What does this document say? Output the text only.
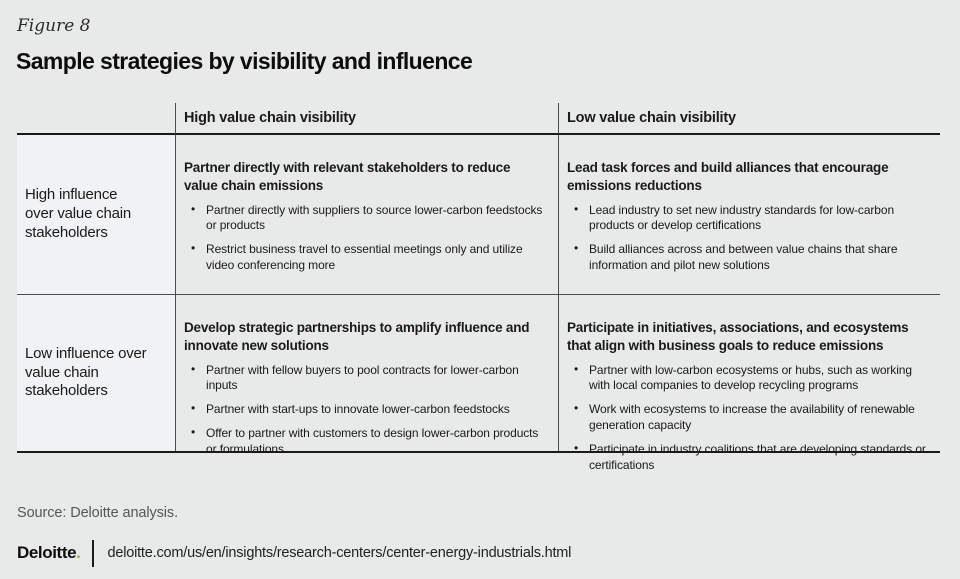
Figure 8
Sample strategies by visibility and influence
High value chain visibility	Low value chain visibility
High influence over value chain stakeholders
Partner directly with relevant stakeholders to reduce value chain emissions
• Partner directly with suppliers to source lower-carbon feedstocks or products
• Restrict business travel to essential meetings only and utilize video conferencing more
Lead task forces and build alliances that encourage emissions reductions
• Lead industry to set new industry standards for low-carbon products or develop certifications
• Build alliances across and between value chains that share information and pilot new solutions
Low influence over value chain stakeholders
Develop strategic partnerships to amplify influence and innovate new solutions
• Partner with fellow buyers to pool contracts for lower-carbon inputs
• Partner with start-ups to innovate lower-carbon feedstocks
• Offer to partner with customers to design lower-carbon products or formulations
Participate in initiatives, associations, and ecosystems that align with business goals to reduce emissions
• Partner with low-carbon ecosystems or hubs, such as working with local companies to develop recycling programs
• Work with ecosystems to increase the availability of renewable generation capacity
• Participate in industry coalitions that are developing standards or certifications
Source: Deloitte analysis.
Deloitte. deloitte.com/us/en/insights/research-centers/center-energy-industrials.html
